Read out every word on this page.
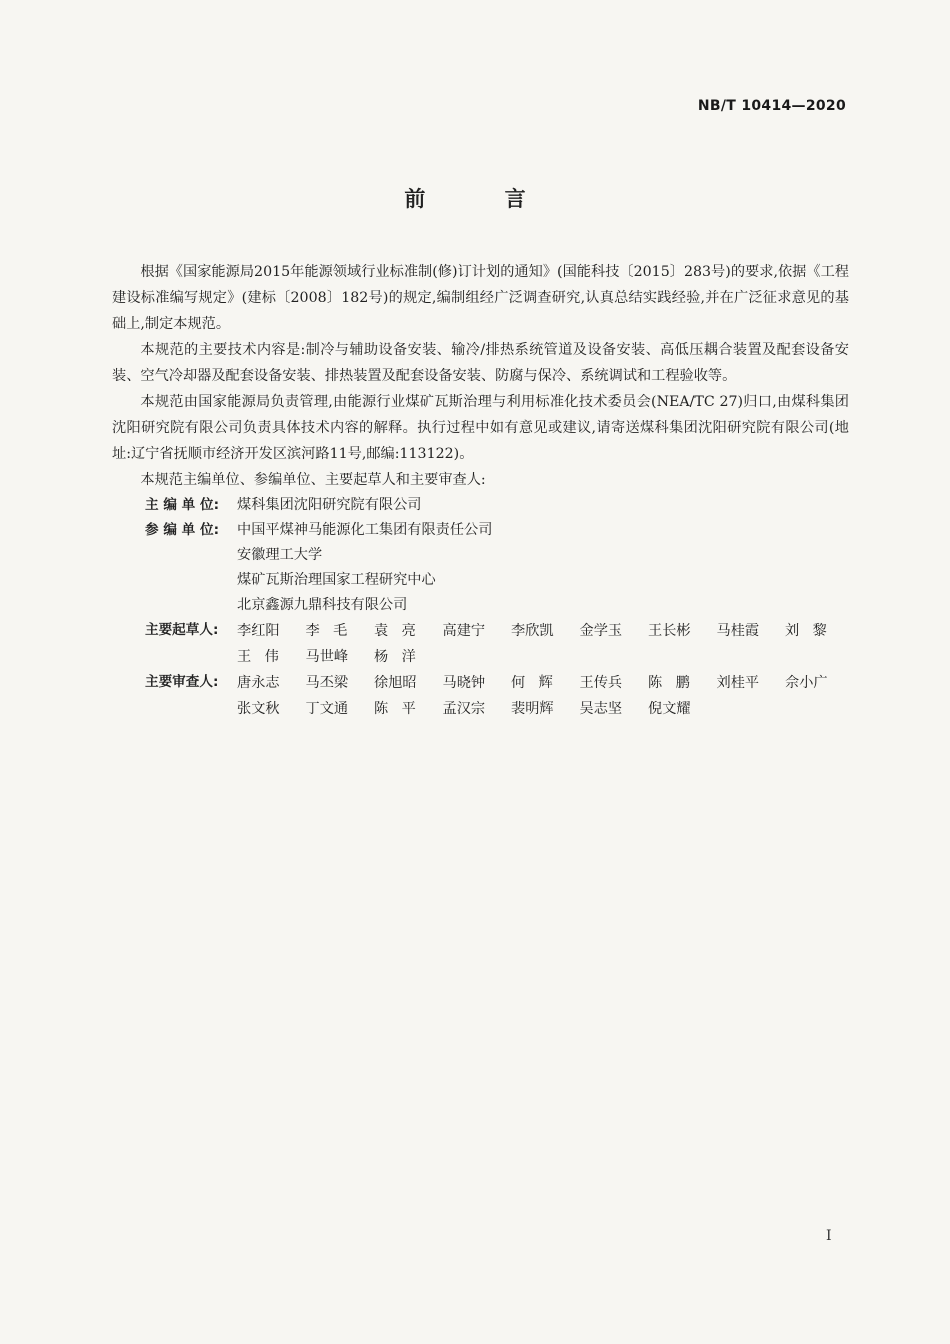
NB/T 10414—2020
前 言

根据《国家能源局2015年能源领域行业标准制(修)订计划的通知》(国能科技〔2015〕283号)的要求,依据《工程建设标准编写规定》(建标〔2008〕182号)的规定,编制组经广泛调查研究,认真总结实践经验,并在广泛征求意见的基础上,制定本规范。

本规范的主要技术内容是:制冷与辅助设备安装、输冷/排热系统管道及设备安装、高低压耦合装置及配套设备安装、空气冷却器及配套设备安装、排热装置及配套设备安装、防腐与保冷、系统调试和工程验收等。

本规范由国家能源局负责管理,由能源行业煤矿瓦斯治理与利用标准化技术委员会(NEA/TC 27)归口,由煤科集团沈阳研究院有限公司负责具体技术内容的解释。执行过程中如有意见或建议,请寄送煤科集团沈阳研究院有限公司(地址:辽宁省抚顺市经济开发区滨河路11号,邮编:113122)。

本规范主编单位、参编单位、主要起草人和主要审查人:

主 编 单 位:	煤科集团沈阳研究院有限公司
参 编 单 位:	中国平煤神马能源化工集团有限责任公司
安徽理工大学
煤矿瓦斯治理国家工程研究中心
北京鑫源九鼎科技有限公司
主要起草人:	李红阳	李毛 袁亮 高建宁	李欣凯	金学玉	王长彬	马桂霞	刘黎
王伟 马世峰	杨洋
主要审查人:	唐永志	马丕梁	徐旭昭	马晓钟	何辉 王传兵	陈鹏 刘桂平	佘小广
张文秋	丁文通	陈平 孟汉宗	裴明辉	吴志坚	倪文耀
I
